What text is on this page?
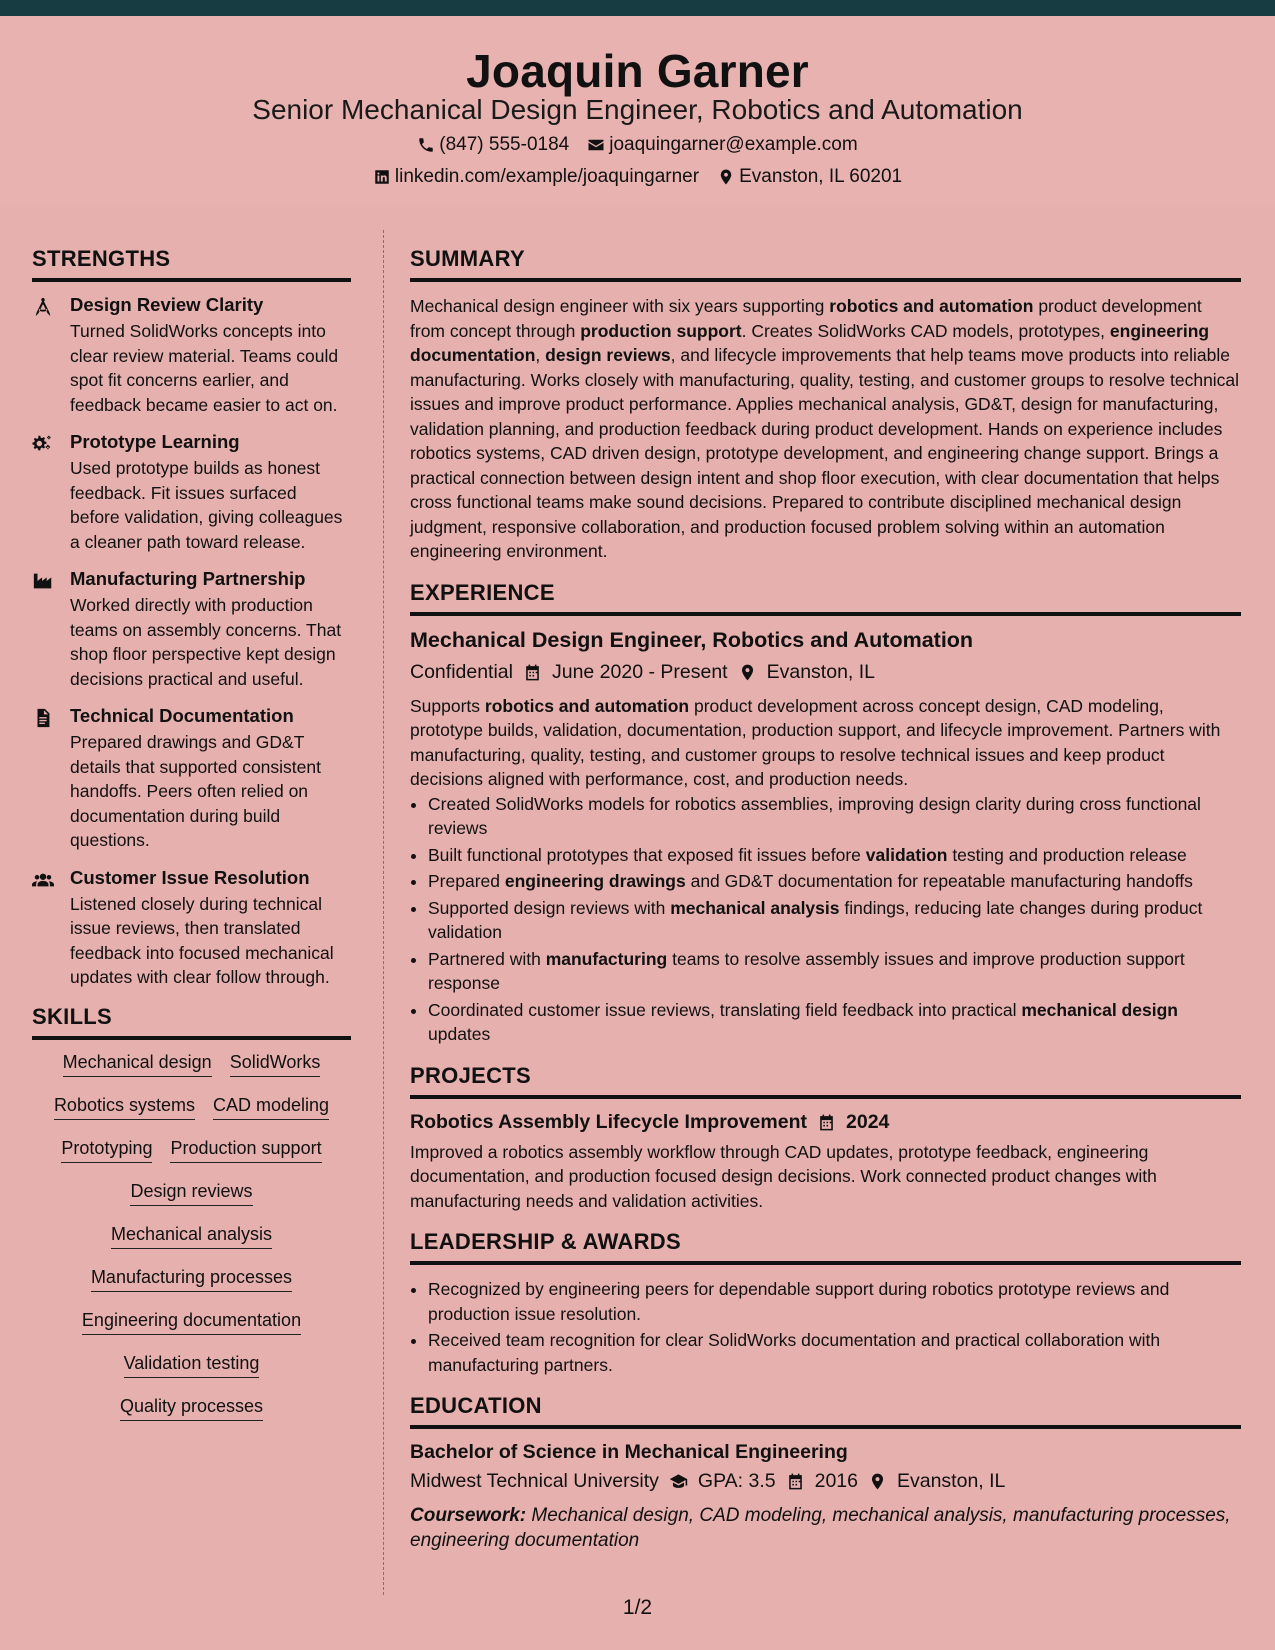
Joaquin Garner
Senior Mechanical Design Engineer, Robotics and Automation
(847) 555-0184 joaquingarner@example.com
linkedin.com/example/joaquingarner Evanston, IL 60201
STRENGTHS
Design Review Clarity
Turned SolidWorks concepts into clear review material. Teams could spot fit concerns earlier, and feedback became easier to act on.
Prototype Learning
Used prototype builds as honest feedback. Fit issues surfaced before validation, giving colleagues a cleaner path toward release.
Manufacturing Partnership
Worked directly with production teams on assembly concerns. That shop floor perspective kept design decisions practical and useful.
Technical Documentation
Prepared drawings and GD&T details that supported consistent handoffs. Peers often relied on documentation during build questions.
Customer Issue Resolution
Listened closely during technical issue reviews, then translated feedback into focused mechanical updates with clear follow through.
SKILLS
Mechanical design SolidWorks
Robotics systems CAD modeling
Prototyping Production support
Design reviews
Mechanical analysis
Manufacturing processes
Engineering documentation
Validation testing
Quality processes
SUMMARY
Mechanical design engineer with six years supporting robotics and automation product development from concept through production support. Creates SolidWorks CAD models, prototypes, engineering documentation, design reviews, and lifecycle improvements that help teams move products into reliable manufacturing. Works closely with manufacturing, quality, testing, and customer groups to resolve technical issues and improve product performance. Applies mechanical analysis, GD&T, design for manufacturing, validation planning, and production feedback during product development. Hands on experience includes robotics systems, CAD driven design, prototype development, and engineering change support. Brings a practical connection between design intent and shop floor execution, with clear documentation that helps cross functional teams make sound decisions. Prepared to contribute disciplined mechanical design judgment, responsive collaboration, and production focused problem solving within an automation engineering environment.
EXPERIENCE
Mechanical Design Engineer, Robotics and Automation
Confidential June 2020 - Present Evanston, IL
Supports robotics and automation product development across concept design, CAD modeling, prototype builds, validation, documentation, production support, and lifecycle improvement. Partners with manufacturing, quality, testing, and customer groups to resolve technical issues and keep product decisions aligned with performance, cost, and production needs.
• Created SolidWorks models for robotics assemblies, improving design clarity during cross functional reviews
• Built functional prototypes that exposed fit issues before validation testing and production release
• Prepared engineering drawings and GD&T documentation for repeatable manufacturing handoffs
• Supported design reviews with mechanical analysis findings, reducing late changes during product validation
• Partnered with manufacturing teams to resolve assembly issues and improve production support response
• Coordinated customer issue reviews, translating field feedback into practical mechanical design updates
PROJECTS
Robotics Assembly Lifecycle Improvement 2024
Improved a robotics assembly workflow through CAD updates, prototype feedback, engineering documentation, and production focused design decisions. Work connected product changes with manufacturing needs and validation activities.
LEADERSHIP & AWARDS
• Recognized by engineering peers for dependable support during robotics prototype reviews and production issue resolution.
• Received team recognition for clear SolidWorks documentation and practical collaboration with manufacturing partners.
EDUCATION
Bachelor of Science in Mechanical Engineering
Midwest Technical University GPA: 3.5 2016 Evanston, IL
Coursework: Mechanical design, CAD modeling, mechanical analysis, manufacturing processes, engineering documentation
1/2
